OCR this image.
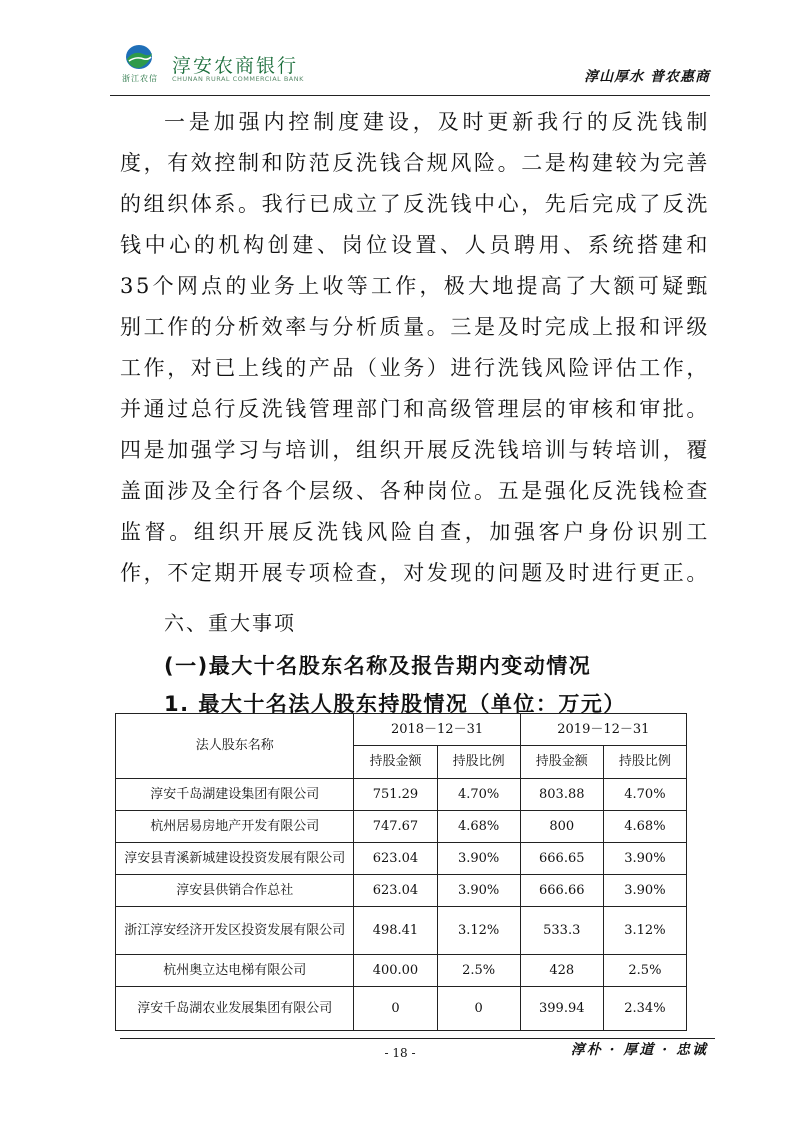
浙江农信
淳安农商银行
CHUNAN RURAL COMMERCIAL BANK	淳山厚水 普农惠商
一是加强内控制度建设，及时更新我行的反洗钱制度，有效控制和防范反洗钱合规风险。二是构建较为完善的组织体系。我行已成立了反洗钱中心，先后完成了反洗钱中心的机构创建、岗位设置、人员聘用、系统搭建和35个网点的业务上收等工作，极大地提高了大额可疑甄别工作的分析效率与分析质量。三是及时完成上报和评级工作，对已上线的产品（业务）进行洗钱风险评估工作，并通过总行反洗钱管理部门和高级管理层的审核和审批。四是加强学习与培训，组织开展反洗钱培训与转培训，覆盖面涉及全行各个层级、各种岗位。五是强化反洗钱检查监督。组织开展反洗钱风险自查，加强客户身份识别工作，不定期开展专项检查，对发现的问题及时进行更正。
六、重大事项
(一)最大十名股东名称及报告期内变动情况
1. 最大十名法人股东持股情况（单位：万元）
法人股东名称	2018－12－31		2019－12－31	
	持股金额	持股比例	持股金额	持股比例
淳安千岛湖建设集团有限公司	751.29	4.70%	803.88	4.70%
杭州居易房地产开发有限公司	747.67	4.68%	800	4.68%
淳安县青溪新城建设投资发展有限公司	623.04	3.90%	666.65	3.90%
淳安县供销合作总社	623.04	3.90%	666.66	3.90%
浙江淳安经济开发区投资发展有限公司	498.41	3.12%	533.3	3.12%
杭州奥立达电梯有限公司	400.00	2.5%	428	2.5%
淳安千岛湖农业发展集团有限公司	0	0	399.94	2.34%
- 18 -	淳朴 · 厚道 · 忠诚
